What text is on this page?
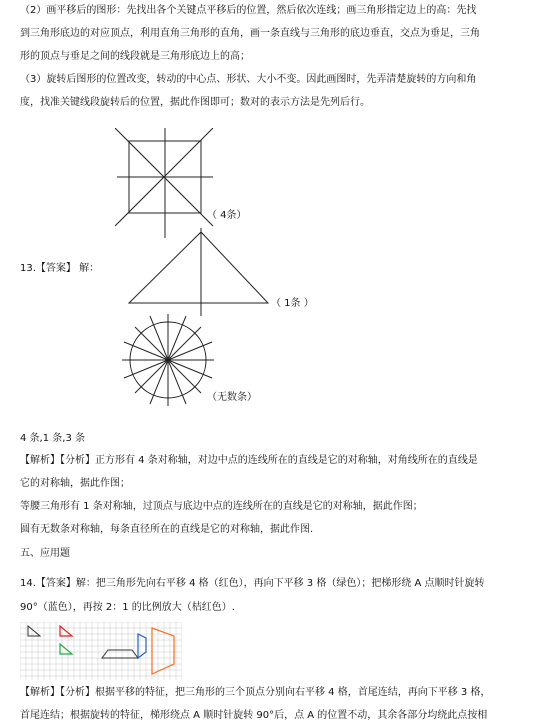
（2）画平移后的图形：先找出各个关键点平移后的位置，然后依次连线；画三角形指定边上的高：先找
到三角形底边的对应顶点，利用直角三角形的直角，画一条直线与三角形的底边垂直，交点为垂足，三角
形的顶点与垂足之间的线段就是三角形底边上的高；
（3）旋转后图形的位置改变，转动的中心点、形状、大小不变。因此画图时，先弄清楚旋转的方向和角
度，找准关键线段旋转后的位置，据此作图即可；数对的表示方法是先列后行。
（ 4条）
13.【答案】 解：
（ 1条 ）
（无数条）
4 条,1 条,3 条
【解析】【分析】正方形有 4 条对称轴，对边中点的连线所在的直线是它的对称轴，对角线所在的直线是
它的对称轴，据此作图；
等腰三角形有 1 条对称轴，过顶点与底边中点的连线所在的直线是它的对称轴，据此作图；
圆有无数条对称轴，每条直径所在的直线是它的对称轴，据此作图.
五、应用题
14.【答案】解：把三角形先向右平移 4 格（红色），再向下平移 3 格（绿色）；把梯形绕 A 点顺时针旋转
90°（蓝色），再按 2：1 的比例放大（桔红色）.
【解析】【分析】根据平移的特征，把三角形的三个顶点分别向右平移 4 格，首尾连结，再向下平移 3 格，
首尾连结；根据旋转的特征，梯形绕点 A 顺时针旋转 90°后，点 A 的位置不动，其余各部分均绕此点按相
